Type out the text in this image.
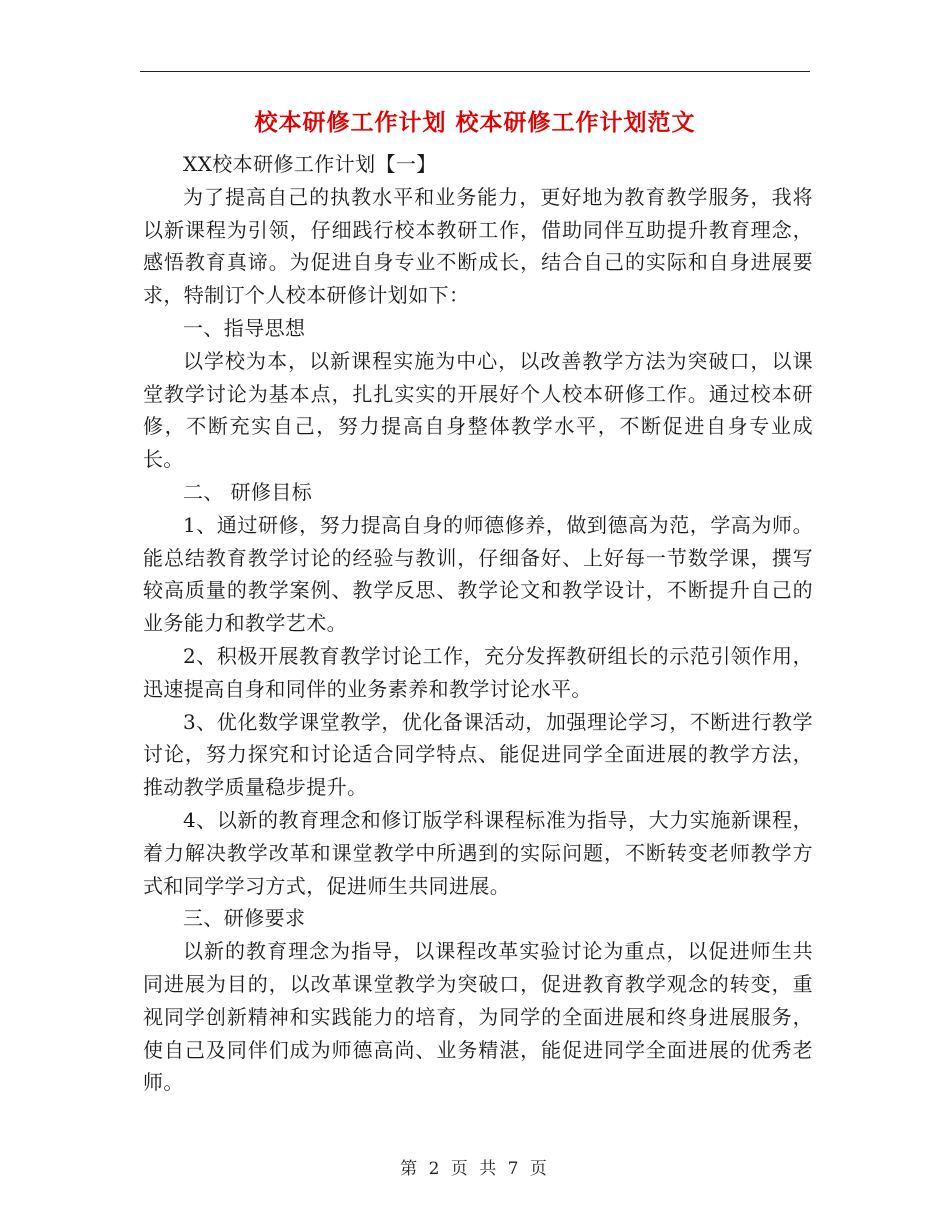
校本研修工作计划 校本研修工作计划范文

XX校本研修工作计划【一】

为了提高自己的执教水平和业务能力，更好地为教育教学服务，我将以新课程为引领，仔细践行校本教研工作，借助同伴互助提升教育理念，感悟教育真谛。为促进自身专业不断成长，结合自己的实际和自身进展要求，特制订个人校本研修计划如下：

一、指导思想

以学校为本，以新课程实施为中心，以改善教学方法为突破口，以课堂教学讨论为基本点，扎扎实实的开展好个人校本研修工作。通过校本研修，不断充实自己，努力提高自身整体教学水平，不断促进自身专业成长。

二、 研修目标

1、通过研修，努力提高自身的师德修养，做到德高为范，学高为师。能总结教育教学讨论的经验与教训，仔细备好、上好每一节数学课，撰写较高质量的教学案例、教学反思、教学论文和教学设计，不断提升自己的业务能力和教学艺术。

2、积极开展教育教学讨论工作，充分发挥教研组长的示范引领作用，迅速提高自身和同伴的业务素养和教学讨论水平。

3、优化数学课堂教学，优化备课活动，加强理论学习，不断进行教学讨论，努力探究和讨论适合同学特点、能促进同学全面进展的教学方法，推动教学质量稳步提升。

4、以新的教育理念和修订版学科课程标准为指导，大力实施新课程，着力解决教学改革和课堂教学中所遇到的实际问题，不断转变老师教学方式和同学学习方式，促进师生共同进展。

三、研修要求

以新的教育理念为指导，以课程改革实验讨论为重点，以促进师生共同进展为目的，以改革课堂教学为突破口，促进教育教学观念的转变，重视同学创新精神和实践能力的培育，为同学的全面进展和终身进展服务，使自己及同伴们成为师德高尚、业务精湛，能促进同学全面进展的优秀老师。

第 2 页 共 7 页
